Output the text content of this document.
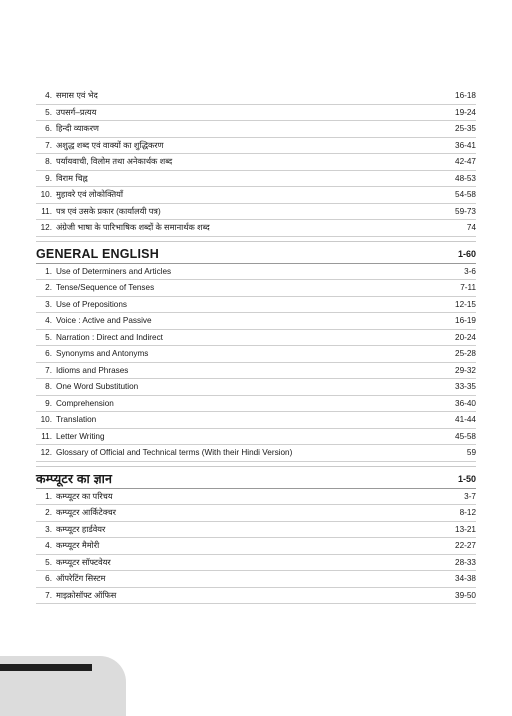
4. समास एवं भेद	16-18
5. उपसर्ग–प्रत्यय	19-24
6. हिन्दी व्याकरण	25-35
7. अशुद्ध शब्द एवं वाक्यों का शुद्धिकरण	36-41
8. पर्यायवाची, विलोम तथा अनेकार्थक शब्द	42-47
9. विराम चिह्न	48-53
10. मुहावरे एवं लोकोक्तियाँ	54-58
11. पत्र एवं उसके प्रकार (कार्यालयी पत्र)	59-73
12. अंग्रेजी भाषा के पारिभाषिक शब्दों के समानार्थक शब्द	74
GENERAL ENGLISH	1-60
1. Use of Determiners and Articles	3-6
2. Tense/Sequence of Tenses	7-11
3. Use of Prepositions	12-15
4. Voice : Active and Passive	16-19
5. Narration : Direct and Indirect	20-24
6. Synonyms and Antonyms	25-28
7. Idioms and Phrases	29-32
8. One Word Substitution	33-35
9. Comprehension	36-40
10. Translation	41-44
11. Letter Writing	45-58
12. Glossary of Official and Technical terms (With their Hindi Version)	59
कम्प्यूटर का ज्ञान	1-50
1. कम्प्यूटर का परिचय	3-7
2. कम्प्यूटर आर्किटेक्चर	8-12
3. कम्प्यूटर हार्डवेयर	13-21
4. कम्प्यूटर मैमोरी	22-27
5. कम्प्यूटर सॉफ्टवेयर	28-33
6. ऑपरेटिंग सिस्टम	34-38
7. माइक्रोसॉफ्ट ऑफिस	39-50
